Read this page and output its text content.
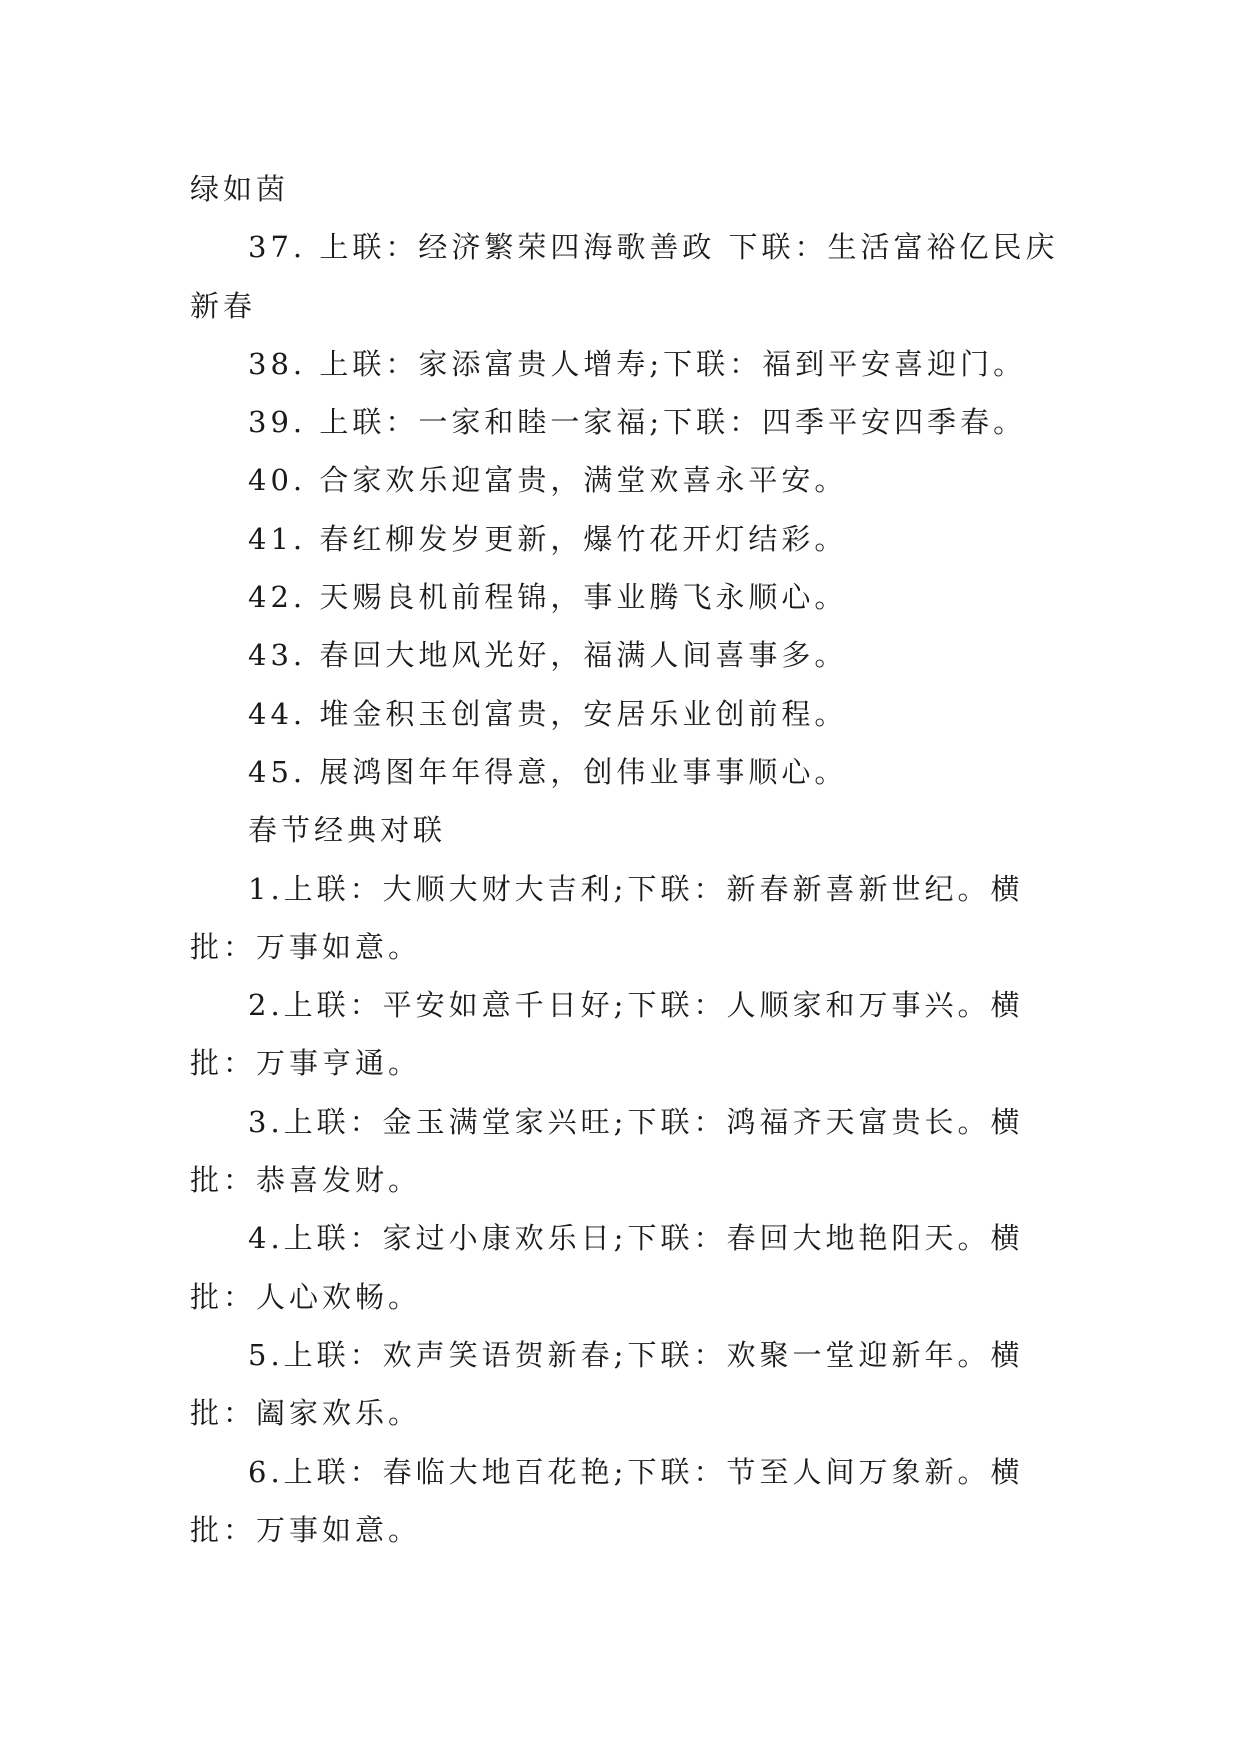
绿如茵

37. 上联：经济繁荣四海歌善政 下联：生活富裕亿民庆新春

38. 上联：家添富贵人增寿;下联：福到平安喜迎门。

39. 上联：一家和睦一家福;下联：四季平安四季春。

40. 合家欢乐迎富贵，满堂欢喜永平安。

41. 春红柳发岁更新，爆竹花开灯结彩。

42. 天赐良机前程锦，事业腾飞永顺心。

43. 春回大地风光好，福满人间喜事多。

44. 堆金积玉创富贵，安居乐业创前程。

45. 展鸿图年年得意，创伟业事事顺心。

春节经典对联

1.上联：大顺大财大吉利;下联：新春新喜新世纪。横批：万事如意。

2.上联：平安如意千日好;下联：人顺家和万事兴。横批：万事亨通。

3.上联：金玉满堂家兴旺;下联：鸿福齐天富贵长。横批：恭喜发财。

4.上联：家过小康欢乐日;下联：春回大地艳阳天。横批：人心欢畅。

5.上联：欢声笑语贺新春;下联：欢聚一堂迎新年。横批：阖家欢乐。

6.上联：春临大地百花艳;下联：节至人间万象新。横批：万事如意。
